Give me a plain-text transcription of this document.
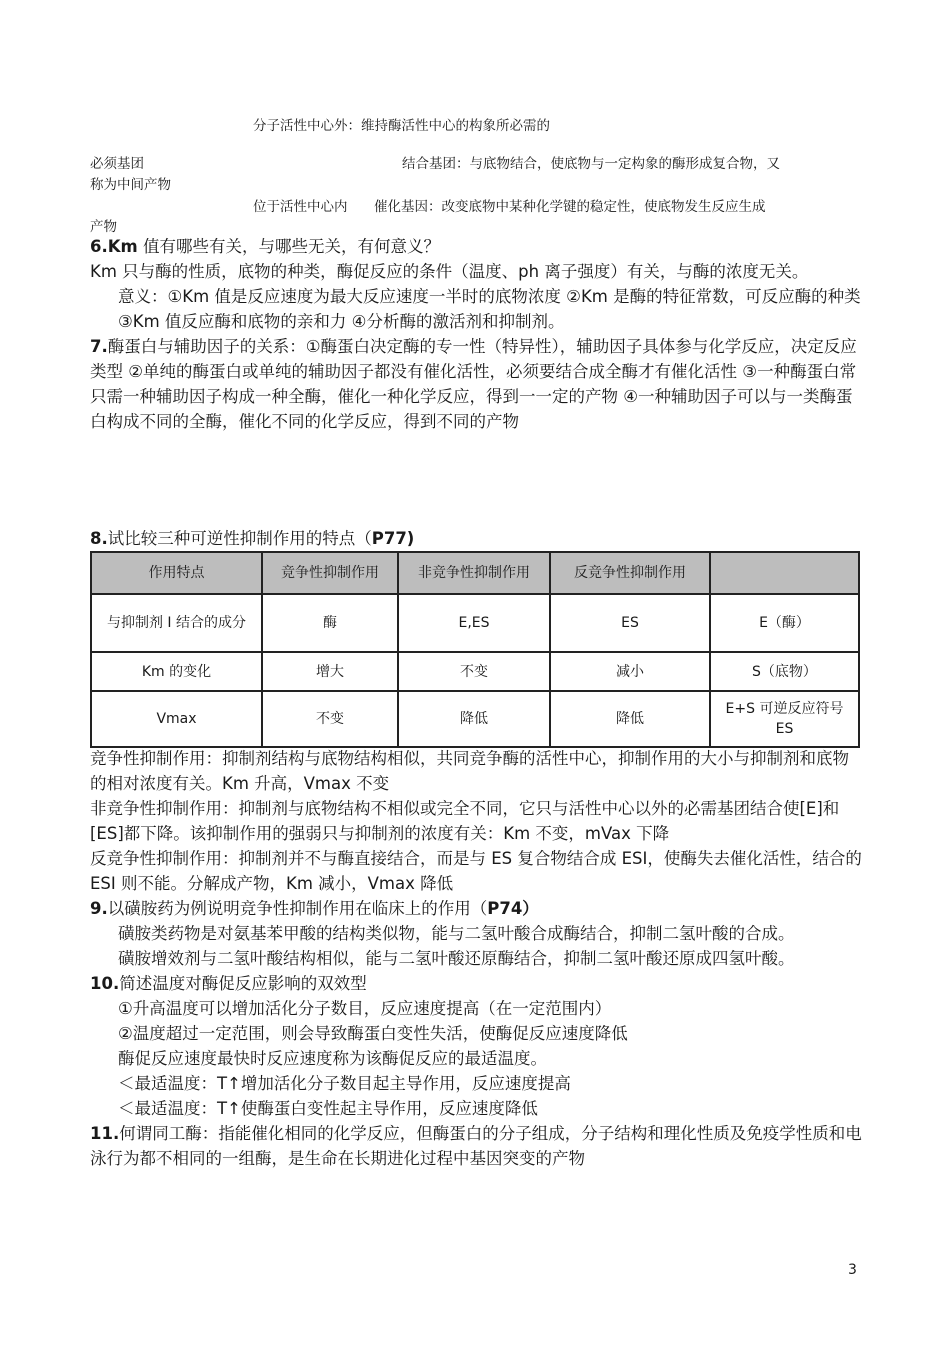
分子活性中心外：维持酶活性中心的构象所必需的
必须基团	结合基团：与底物结合，使底物与一定构象的酶形成复合物，又
称为中间产物
位于活性中心内 催化基因：改变底物中某种化学键的稳定性，使底物发生反应生成
产物

6.Km 值有哪些有关，与哪些无关，有何意义？

Km 只与酶的性质，底物的种类，酶促反应的条件（温度、ph 离子强度）有关，与酶的浓度无关。

意义：①Km 值是反应速度为最大反应速度一半时的底物浓度 ②Km 是酶的特征常数，可反应酶的种类 ③Km 值反应酶和底物的亲和力 ④分析酶的激活剂和抑制剂。

7.酶蛋白与辅助因子的关系：①酶蛋白决定酶的专一性（特异性），辅助因子具体参与化学反应，决定反应类型 ②单纯的酶蛋白或单纯的辅助因子都没有催化活性，必须要结合成全酶才有催化活性 ③一种酶蛋白常只需一种辅助因子构成一种全酶，催化一种化学反应，得到一一定的产物 ④一种辅助因子可以与一类酶蛋白构成不同的全酶，催化不同的化学反应，得到不同的产物

8.试比较三种可逆性抑制作用的特点（P77)

作用特点	竞争性抑制作用	非竞争性抑制作用	反竞争性抑制作用	
与抑制剂 I 结合的成分	酶	E,ES	ES	E（酶）
Km 的变化	增大	不变	减小	S（底物）
Vmax	不变	降低	降低	E+S 可逆反应符号 ES

竞争性抑制作用：抑制剂结构与底物结构相似，共同竞争酶的活性中心，抑制作用的大小与抑制剂和底物的相对浓度有关。Km 升高，Vmax 不变

非竞争性抑制作用：抑制剂与底物结构不相似或完全不同，它只与活性中心以外的必需基团结合使[E]和[ES]都下降。该抑制作用的强弱只与抑制剂的浓度有关：Km 不变，mVax 下降

反竞争性抑制作用：抑制剂并不与酶直接结合，而是与 ES 复合物结合成 ESI，使酶失去催化活性，结合的 ESI 则不能。分解成产物，Km 减小，Vmax 降低

9.以磺胺药为例说明竞争性抑制作用在临床上的作用（P74）

磺胺类药物是对氨基苯甲酸的结构类似物，能与二氢叶酸合成酶结合，抑制二氢叶酸的合成。

磺胺增效剂与二氢叶酸结构相似，能与二氢叶酸还原酶结合，抑制二氢叶酸还原成四氢叶酸。

10.简述温度对酶促反应影响的双效型

①升高温度可以增加活化分子数目，反应速度提高（在一定范围内）

②温度超过一定范围，则会导致酶蛋白变性失活，使酶促反应速度降低

酶促反应速度最快时反应速度称为该酶促反应的最适温度。

＜最适温度：T↑增加活化分子数目起主导作用，反应速度提高

＜最适温度：T↑使酶蛋白变性起主导作用，反应速度降低

11.何谓同工酶：指能催化相同的化学反应，但酶蛋白的分子组成，分子结构和理化性质及免疫学性质和电泳行为都不相同的一组酶，是生命在长期进化过程中基因突变的产物

3
